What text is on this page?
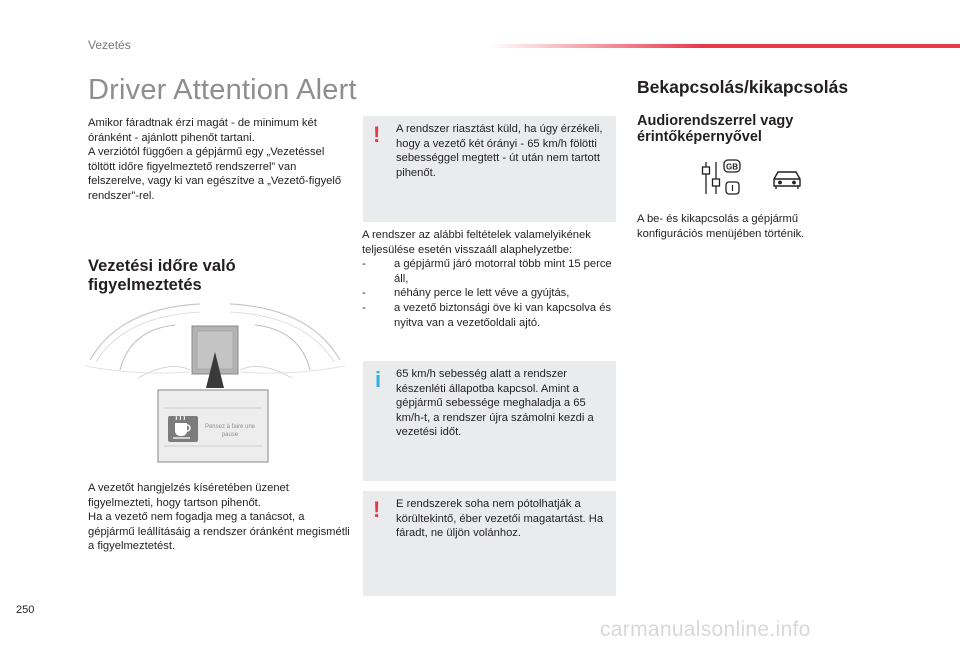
Vezetés
Driver Attention Alert

Amikor fáradtnak érzi magát - de minimum két óránként - ajánlott pihenőt tartani.

A verziótól függően a gépjármű egy „Vezetéssel töltött időre figyelmeztető rendszerrel” van felszerelve, vagy ki van egészítve a „Vezető-figyelő rendszer”-rel.

Vezetési időre való figyelmeztetés
Pensez à faire une
pause

A vezetőt hangjelzés kíséretében üzenet figyelmezteti, hogy tartson pihenőt.

Ha a vezető nem fogadja meg a tanácsot, a gépjármű leállításáig a rendszer óránként megismétli a figyelmeztetést.

! A rendszer riasztást küld, ha úgy érzékeli, hogy a vezető két órányi - 65 km/h fölötti sebességgel megtett - út után nem tartott pihenőt.

A rendszer az alábbi feltételek valamelyikének teljesülése esetén visszaáll alaphelyzetbe:

-	a gépjármű járó motorral több mint 15 perce áll,
-	néhány perce le lett véve a gyújtás,
-	a vezető biztonsági öve ki van kapcsolva és nyitva van a vezetőoldali ajtó.
i 65 km/h sebesség alatt a rendszer készenléti állapotba kapcsol. Amint a gépjármű sebessége meghaladja a 65 km/h-t, a rendszer újra számolni kezdi a vezetési időt.

! E rendszerek soha nem pótolhatják a körültekintő, éber vezetői magatartást. Ha fáradt, ne üljön volánhoz.

Bekapcsolás/kikapcsolás
Audiorendszerrel vagy érintőképernyővel
GB
I

A be- és kikapcsolás a gépjármű konfigurációs menüjében történik.

250
carmanualsonline.info
